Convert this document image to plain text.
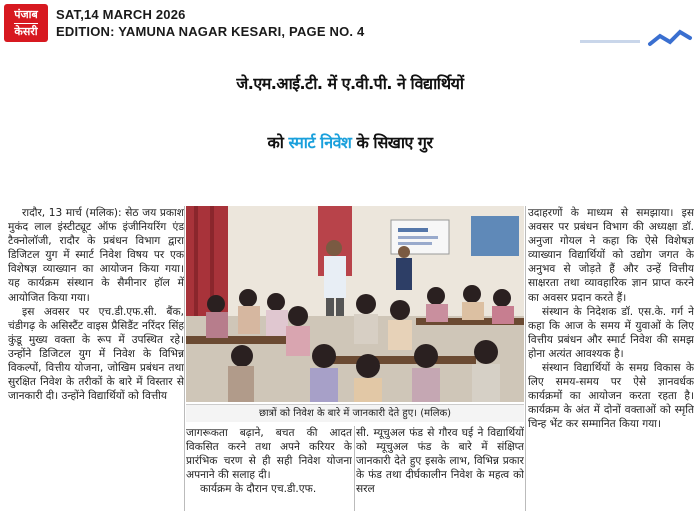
पंजाब
केसरी
SAT,14 MARCH 2026
EDITION: YAMUNA NAGAR KESARI, PAGE NO. 4
जे.एम.आई.टी. में ए.वी.पी. ने विद्यार्थियों
को स्मार्ट निवेश के सिखाए गुर

रादौर, 13 मार्च (मलिक): सेठ जय प्रकाश मुकंद लाल इंस्टीट्यूट ऑफ इंजीनियरिंग एंड टैक्नोलॉजी, रादौर के प्रबंधन विभाग द्वारा डिजिटल युग में स्मार्ट निवेश विषय पर एक विशेषज्ञ व्याख्यान का आयोजन किया गया। यह कार्यक्रम संस्थान के सैमीनार हॉल में आयोजित किया गया।

इस अवसर पर एच.डी.एफ.सी. बैंक, चंडीगढ़ के असिस्टैंट वाइस प्रैसिडैंट नरिंदर सिंह कुंडू मुख्य वक्ता के रूप में उपस्थित रहे। उन्होंने डिजिटल युग में निवेश के विभिन्न विकल्पों, वित्तीय योजना, जोखिम प्रबंधन तथा सुरक्षित निवेश के तरीकों के बारे में विस्तार से जानकारी दी। उन्होंने विद्यार्थियों को वित्तीय

छात्रों को निवेश के बारे में जानकारी देते हुए। (मलिक)

जागरूकता बढ़ाने, बचत की आदत विकसित करने तथा अपने करियर के प्रारंभिक चरण से ही सही निवेश योजना अपनाने की सलाह दी।

कार्यक्रम के दौरान एच.डी.एफ.

सी. म्यूचुअल फंड से गौरव घई ने विद्यार्थियों को म्यूचुअल फंड के बारे में संक्षिप्त जानकारी देते हुए इसके लाभ, विभिन्न प्रकार के फंड तथा दीर्घकालीन निवेश के महत्व को सरल

उदाहरणों के माध्यम से समझाया। इस अवसर पर प्रबंधन विभाग की अध्यक्षा डॉ. अनुजा गोयल ने कहा कि ऐसे विशेषज्ञ व्याख्यान विद्यार्थियों को उद्योग जगत के अनुभव से जोड़ते हैं और उन्हें वित्तीय साक्षरता तथा व्यावहारिक ज्ञान प्राप्त करने का अवसर प्रदान करते हैं।

संस्थान के निदेशक डॉ. एस.के. गर्ग ने कहा कि आज के समय में युवाओं के लिए वित्तीय प्रबंधन और स्मार्ट निवेश की समझ होना अत्यंत आवश्यक है।

संस्थान विद्यार्थियों के समग्र विकास के लिए समय-समय पर ऐसे ज्ञानवर्धक कार्यक्रमों का आयोजन करता रहता है। कार्यक्रम के अंत में दोनों वक्ताओं को स्मृति चिन्ह भेंट कर सम्मानित किया गया।
